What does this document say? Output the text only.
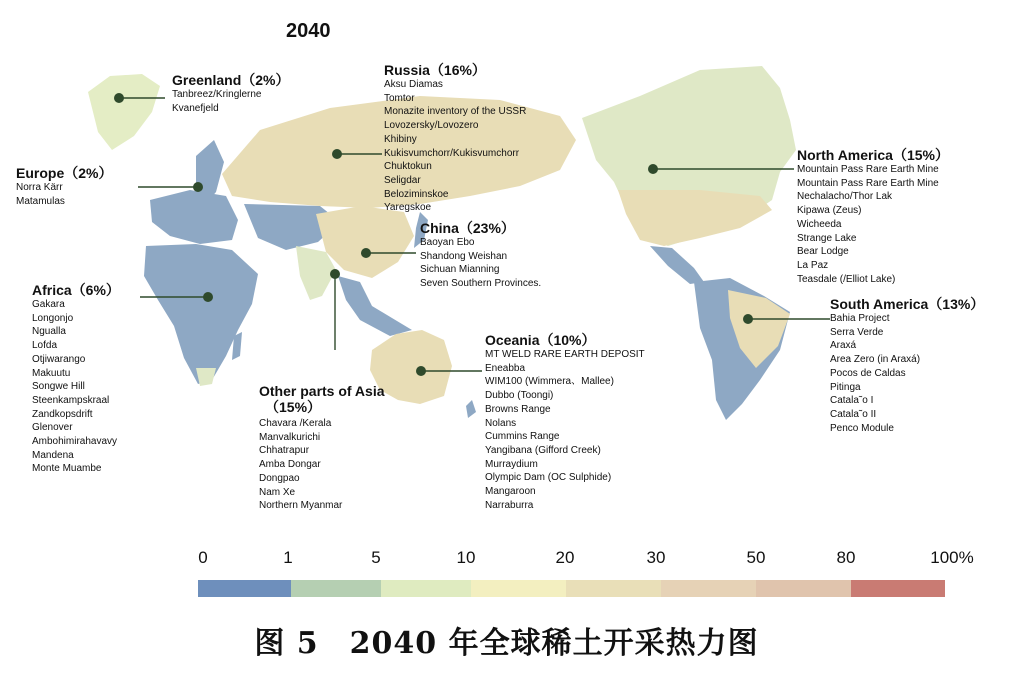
2040
Greenland（2%）
Tanbreez/Kringlerne
Kvanefjeld
Russia（16%）
Aksu Diamas
Tomtor
Monazite inventory of the USSR
Lovozersky/Lovozero
Khibiny
Kukisvumchorr/Kukisvumchorr
Chuktokun
Seligdar
Beloziminskoe
Yaregskoe
Europe（2%）
Norra Kärr
Matamulas
China（23%）
Baoyan Ebo
Shandong Weishan
Sichuan Mianning
Seven Southern Provinces.
North America（15%）
Mountain Pass Rare Earth Mine
Mountain Pass Rare Earth Mine
Nechalacho/Thor Lak
Kipawa (Zeus)
Wicheeda
Strange Lake
Bear Lodge
La Paz
Teasdale (/Elliot Lake)
Africa（6%）
Gakara
Longonjo
Ngualla
Lofda
Otjiwarango
Makuutu
Songwe Hill
Steenkampskraal
Zandkopsdrift
Glenover
Ambohimirahavavy
Mandena
Monte Muambe
South America（13%）
Bahia Project
Serra Verde
Araxá
Area Zero (in Araxá)
Pocos de Caldas
Pitinga
Catala˜o I
Catala˜o II
Penco Module
Oceania（10%）
MT WELD RARE EARTH DEPOSIT
Eneabba
WIM100 (Wimmera、Mallee)
Dubbo (Toongi)
Browns Range
Nolans
Cummins Range
Yangibana (Gifford Creek)
Murraydium
Olympic Dam (OC Sulphide)
Mangaroon
Narraburra
Other parts of Asia
（15%）
Chavara /Kerala
Manvalkurichi
Chhatrapur
Amba Dongar
Dongpao
Nam Xe
Northern Myanmar
0	1	5	10	20	30	50	80	100%
图 5　2040 年全球稀土开采热力图
